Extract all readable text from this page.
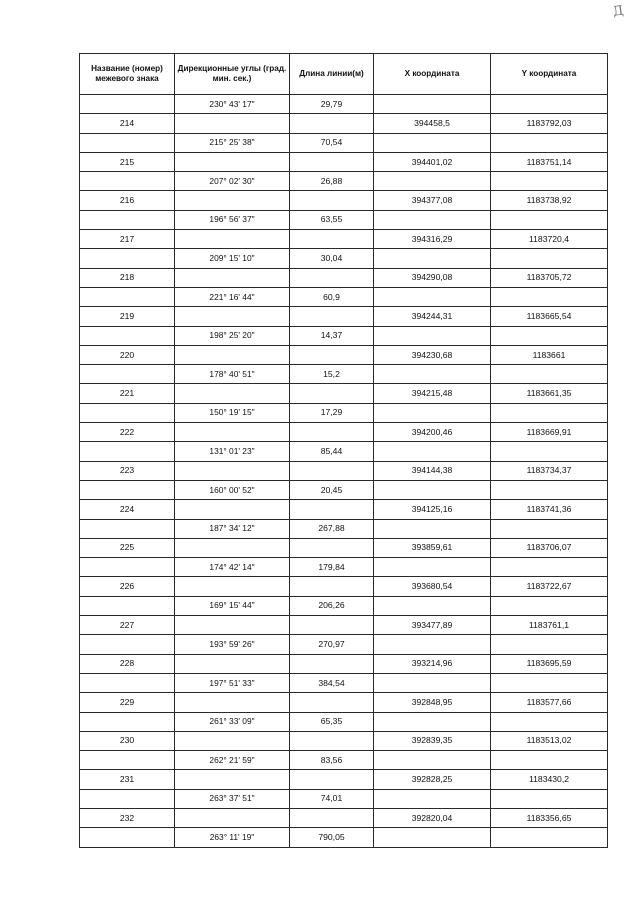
Д
Название (номер) межевого знака	Дирекционные углы (град. мин. сек.)	Длина линии(м)	X координата	Y координата
	230° 43' 17"	29,79		
214			394458,5	1183792,03
	215° 25' 38"	70,54		
215			394401,02	1183751,14
	207° 02' 30"	26,88		
216			394377,08	1183738,92
	196° 56' 37"	63,55		
217			394316,29	1183720,4
	209° 15' 10"	30,04		
218			394290,08	1183705,72
	221° 16' 44"	60,9		
219			394244,31	1183665,54
	198° 25' 20"	14,37		
220			394230,68	1183661
	178° 40' 51"	15,2		
221			394215,48	1183661,35
	150° 19' 15"	17,29		
222			394200,46	1183669,91
	131° 01' 23"	85,44		
223			394144,38	1183734,37
	160° 00' 52"	20,45		
224			394125,16	1183741,36
	187° 34' 12"	267,88		
225			393859,61	1183706,07
	174° 42' 14"	179,84		
226			393680,54	1183722,67
	169° 15' 44"	206,26		
227			393477,89	1183761,1
	193° 59' 26"	270,97		
228			393214,96	1183695,59
	197° 51' 33"	384,54		
229			392848,95	1183577,66
	261° 33' 09"	65,35		
230			392839,35	1183513,02
	262° 21' 59"	83,56		
231			392828,25	1183430,2
	263° 37' 51"	74,01		
232			392820,04	1183356,65
	263° 11' 19"	790,05		
